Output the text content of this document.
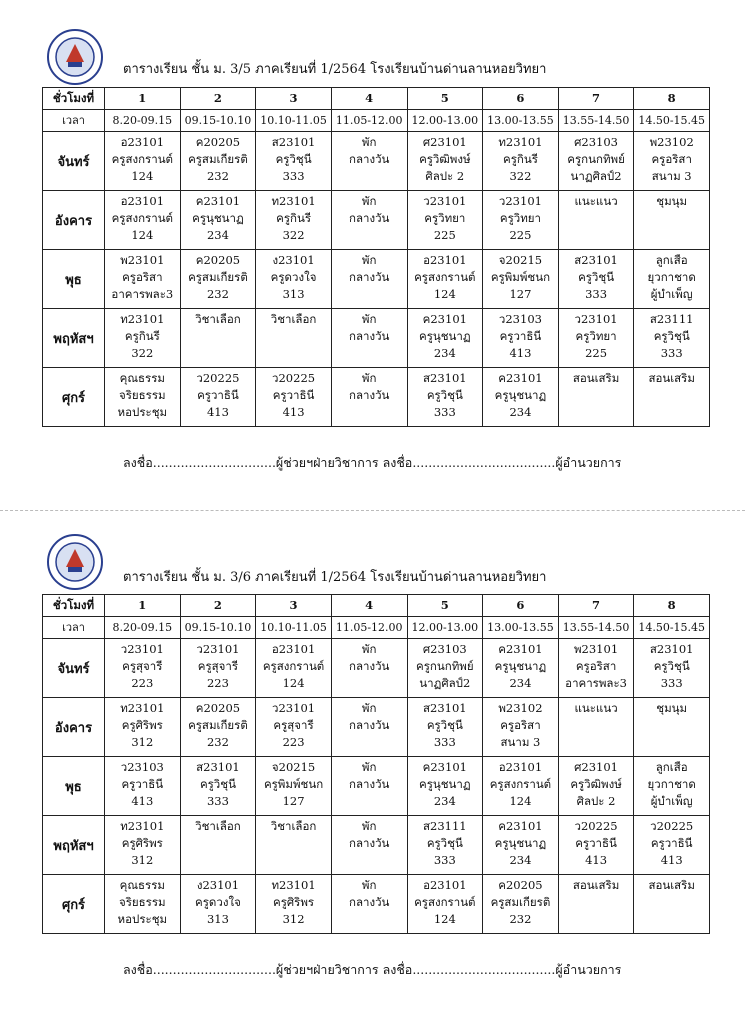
ตารางเรียน ชั้น ม. 3/5 ภาคเรียนที่ 1/2564 โรงเรียนบ้านด่านลานหอยวิทยา
ชั่วโมงที่	1	2	3	4	5	6	7	8
เวลา	8.20-09.15	09.15-10.10	10.10-11.05	11.05-12.00	12.00-13.00	13.00-13.55	13.55-14.50	14.50-15.45
จันทร์	อ23101
ครูสงกรานต์
124	ค20205
ครูสมเกียรติ
232	ส23101
ครูวิชุนี
333	พัก
กลางวัน	ศ23101
ครูวิฒิพงษ์
ศิลปะ 2	ท23101
ครูกินรี
322	ศ23103
ครูกนกทิพย์
นาฏศิลป์2	พ23102
ครูอริสา
สนาม 3

อังคาร	อ23101
ครูสงกรานต์
124	ค23101
ครูนุชนาฏ
234	ท23101
ครูกินรี
322	พัก
กลางวัน	ว23101
ครูวิทยา
225	ว23101
ครูวิทยา
225	แนะแนว	ชุมนุม

พุธ	พ23101
ครูอริสา
อาคารพละ3	ค20205
ครูสมเกียรติ
232	ง23101
ครูดวงใจ
313	พัก
กลางวัน	อ23101
ครูสงกรานต์
124	จ20215
ครูพิมพ์ชนก
127	ส23101
ครูวิชุนี
333	ลูกเสือ
ยุวกาชาด
ผู้บำเพ็ญ

พฤหัสฯ	ท23101
ครูกินรี
322	วิชาเลือก	วิชาเลือก	พัก
กลางวัน	ค23101
ครูนุชนาฏ
234	ว23103
ครูวาธินี
413	ว23101
ครูวิทยา
225	ส23111
ครูวิชุนี
333

ศุกร์	คุณธรรม
จริยธรรม
หอประชุม	ว20225
ครูวาธินี
413	ว20225
ครูวาธินี
413	พัก
กลางวัน	ส23101
ครูวิชุนี
333	ค23101
ครูนุชนาฏ
234	สอนเสริม	สอนเสริม
ลงชื่อ...............................ผู้ช่วยฯฝ่ายวิชาการ ลงชื่อ....................................ผู้อำนวยการ
ตารางเรียน ชั้น ม. 3/6 ภาคเรียนที่ 1/2564 โรงเรียนบ้านด่านลานหอยวิทยา
ชั่วโมงที่	1	2	3	4	5	6	7	8
เวลา	8.20-09.15	09.15-10.10	10.10-11.05	11.05-12.00	12.00-13.00	13.00-13.55	13.55-14.50	14.50-15.45
จันทร์	ว23101
ครูสุจารี
223	ว23101
ครูสุจารี
223	อ23101
ครูสงกรานต์
124	พัก
กลางวัน	ศ23103
ครูกนกทิพย์
นาฏศิลป์2	ค23101
ครูนุชนาฏ
234	พ23101
ครูอริสา
อาคารพละ3	ส23101
ครูวิชุนี
333

อังคาร	ท23101
ครูศิริพร
312	ค20205
ครูสมเกียรติ
232	ว23101
ครูสุจารี
223	พัก
กลางวัน	ส23101
ครูวิชุนี
333	พ23102
ครูอริสา
สนาม 3	แนะแนว	ชุมนุม

พุธ	ว23103
ครูวาธินี
413	ส23101
ครูวิชุนี
333	จ20215
ครูพิมพ์ชนก
127	พัก
กลางวัน	ค23101
ครูนุชนาฏ
234	อ23101
ครูสงกรานต์
124	ศ23101
ครูวิฒิพงษ์
ศิลปะ 2	ลูกเสือ
ยุวกาชาด
ผู้บำเพ็ญ

พฤหัสฯ	ท23101
ครูศิริพร
312	วิชาเลือก	วิชาเลือก	พัก
กลางวัน	ส23111
ครูวิชุนี
333	ค23101
ครูนุชนาฏ
234	ว20225
ครูวาธินี
413	ว20225
ครูวาธินี
413

ศุกร์	คุณธรรม
จริยธรรม
หอประชุม	ง23101
ครูดวงใจ
313	ท23101
ครูศิริพร
312	พัก
กลางวัน	อ23101
ครูสงกรานต์
124	ค20205
ครูสมเกียรติ
232	สอนเสริม	สอนเสริม
ลงชื่อ...............................ผู้ช่วยฯฝ่ายวิชาการ ลงชื่อ....................................ผู้อำนวยการ
